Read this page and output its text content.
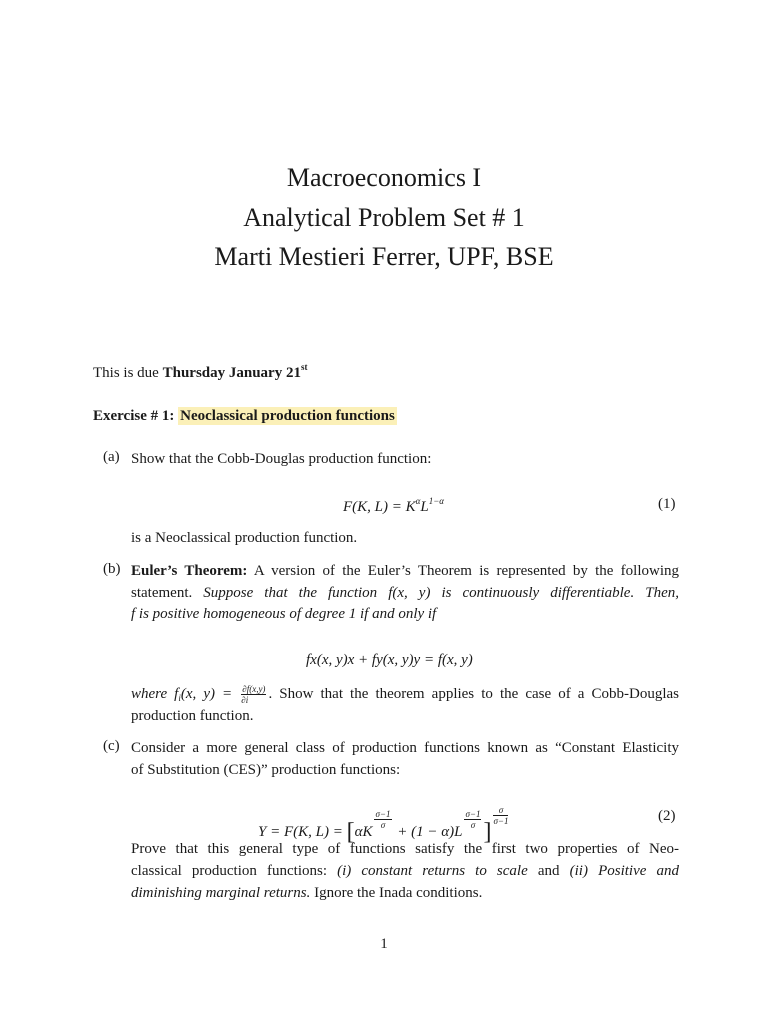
Macroeconomics I
Analytical Problem Set # 1
Marti Mestieri Ferrer, UPF, BSE
This is due Thursday January 21st
Exercise # 1: Neoclassical production functions
(a) Show that the Cobb-Douglas production function:
F(K, $L) = K^\alpha L^{1-\alpha}$	(1)
is a Neoclassical production function.
(b) Euler’s Theorem: A version of the Euler’s Theorem is represented by the following
statement. Suppose that the function f(x, y) is continuously differentiable. Then,
f is positive homogeneous of degree 1 if and only if
fx(x, y)x + fy(x, y)y = f(x, y)
where $f_i(x$, $y) = \frac{\partial f(x,y)}{\partial i}$ . Show that the theorem applies to the case of a Cobb-Douglas
production function.
(c) Consider a more general class of production functions known as “Constant Elasticity
of Substitution (CES)” production functions:
Y = F(K, L) = [αK
$\frac{\sigma-1}{\sigma}$
+ (1 − α)L
$\frac{\sigma-1}{\sigma}$ ]
$\frac{\sigma}{\sigma-1}$	(2)
Prove that this general type of functions satisfy the first two properties of Neo-
classical production functions: (i) constant returns to scale and (ii) Positive and
diminishing marginal returns. Ignore the Inada conditions.
1
